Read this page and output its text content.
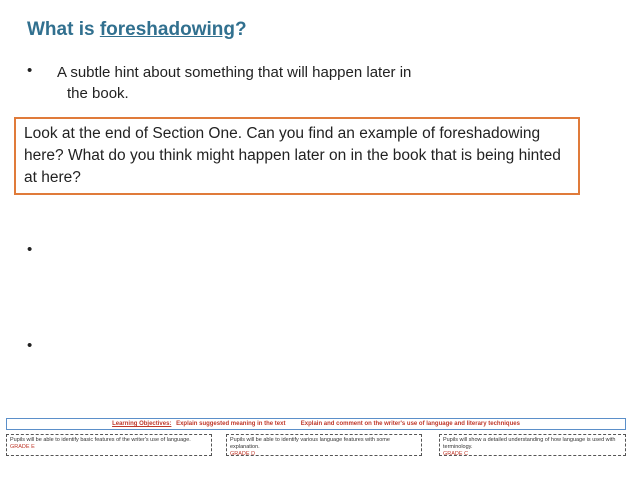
What is foreshadowing?
• A subtle hint about something that will happen later in
the book.
Look at the end of Section One. Can you find an example of foreshadowing here? What do you think might happen later on in the book that is being hinted at here?
•
•
Learning Objectives: Explain suggested meaning in the text	Explain and comment on the writer's use of language and literary techniques
Pupils will be able to identify basic features of the writer's use of language.
GRADE E
Pupils will be able to identify various language features with some explanation.
GRADE D
Pupils will show a detailed understanding of how language is used with terminology.
GRADE C
